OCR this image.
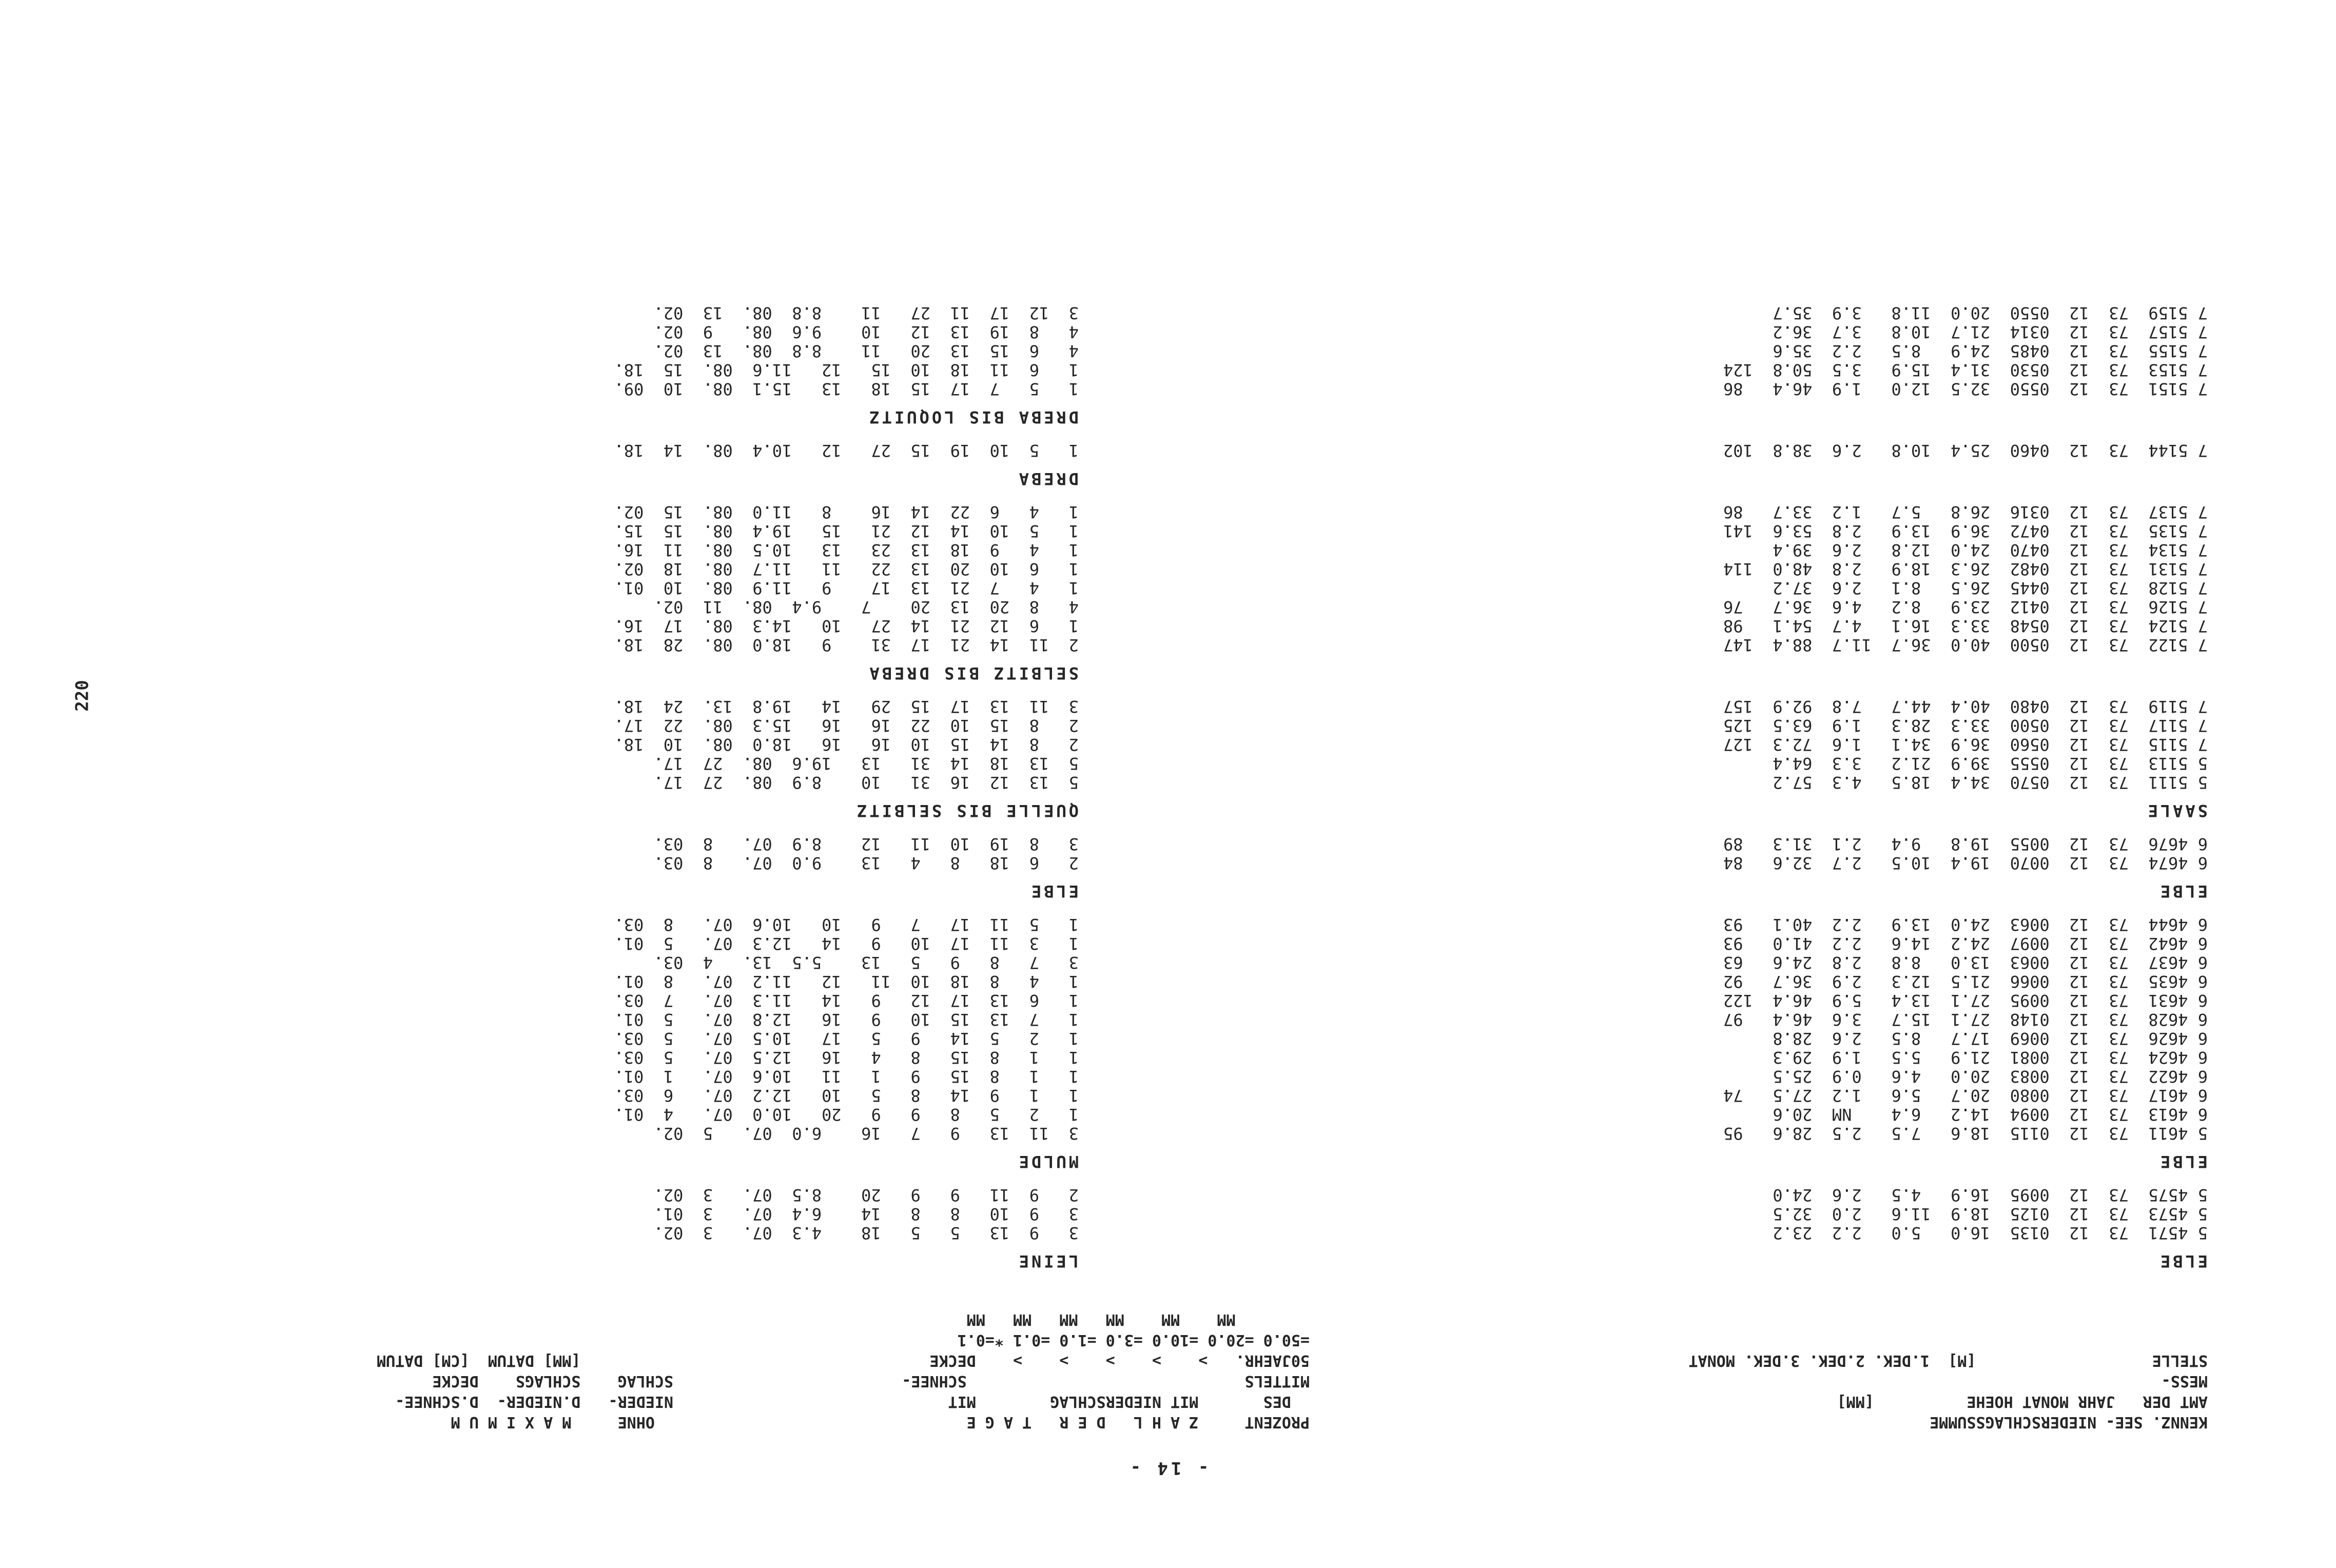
- 14 -
220
KENNZ. SEE- NIEDERSCHLAGSSUMME
AMT DER   JAHR MONAT HOEHE          [MM]
MESS-
STELLE                   [M]  1.DEK. 2.DEK. 3.DEK. MONAT
PROZENT     Z A H L   D E R   T A G E
DES       MIT NIEDERSCHLAG        MIT
MITTELS                              SCHNEE-
50JAEHR.   >    >    >    >    >    DECKE
=50.0 =20.0 =10.0 =3.0 =1.0 =0.1 *=0.1
MM    MM    MM   MM   MM   MM
OHNE     M A X I M U M
NIEDER-   D.NIEDER-  D.SCHNEE-
SCHLAG    SCHLAGS    DECKE
[MM] DATUM  [CM] DATUM
ELBE
5 4571  73  12  0135  16.0   5.0   2.2  23.2
5 4573  73  12  0125  18.9  11.6   2.0  32.5
5 4575  73  12  0095  16.9   4.5   2.6  24.0
ELBE
5 4611  73  12  0115  18.6   7.5   2.5  28.6   95
6 4613  73  12  0094  14.2   6.4    NM  20.6
6 4617  73  12  0080  20.7   5.6   1.2  27.5   74
6 4622  73  12  0083  20.0   4.6   0.9  25.5
6 4624  73  12  0081  21.9   5.5   1.9  29.3
6 4626  73  12  0069  17.7   8.5   2.6  28.8
6 4628  73  12  0148  27.1  15.7   3.6  46.4   97
6 4631  73  12  0095  27.1  13.4   5.9  46.4  122
6 4635  73  12  0066  21.5  12.3   2.9  36.7   92
6 4637  73  12  0063  13.0   8.8   2.8  24.6   63
6 4642  73  12  0097  24.2  14.6   2.2  41.0   93
6 4644  73  12  0063  24.0  13.9   2.2  40.1   93
ELBE
6 4674  73  12  0070  19.4  10.5   2.7  32.6   84
6 4676  73  12  0055  19.8   9.4   2.1  31.3   89
SAALE
5 5111  73  12  0570  34.4  18.5   4.3  57.2
5 5113  73  12  0555  39.9  21.2   3.3  64.4
7 5115  73  12  0560  36.9  34.1   1.6  72.3  127
7 5117  73  12  0500  33.3  28.3   1.9  63.5  125
7 5119  73  12  0480  40.4  44.7   7.8  92.9  157
7 5122  73  12  0500  40.0  36.7  11.7  88.4  147
7 5124  73  12  0548  33.3  16.1   4.7  54.1   98
7 5126  73  12  0412  23.9   8.2   4.6  36.7   76
7 5128  73  12  0445  26.5   8.1   2.6  37.2
7 5131  73  12  0482  26.3  18.9   2.8  48.0  114
7 5134  73  12  0470  24.0  12.8   2.6  39.4
7 5135  73  12  0472  36.9  13.9   2.8  53.6  141
7 5137  73  12  0316  26.8   5.7   1.2  33.7   86
7 5144  73  12  0460  25.4  10.8   2.6  38.8  102
7 5151  73  12  0550  32.5  12.0   1.9  46.4   86
7 5153  73  12  0530  31.4  15.9   3.5  50.8  124
7 5155  73  12  0485  24.9   8.5   2.2  35.6
7 5157  73  12  0314  21.7  10.8   3.7  36.2
7 5159  73  12  0550  20.0  11.8   3.9  35.7
LEINE
3   9  13   5   5   18    4.3  07.   3  02.
3   9  10   8   8   14    6.4  07.   3  01.
2   9  11   9   9   20    8.5  07.   3  02.
MULDE
3  11  13   9   7   16    6.0  07.   5  02.
1   2   5   8   9   9   20   10.0  07.   4  01.
1   1   9  14   8   5   10   12.2  07.   6  03.
1   1   8  15   9   1   11   10.6  07.   1  01.
1   1   8  15   8   4   16   12.5  07.   5  03.
1   2   5  14   9   5   17   10.5  07.   5  03.
1   7  13  15  10   9   16   12.8  07.   5  01.
1   6  13  17  12   9   14   11.3  07.   7  03.
1   4   8  18  10  11   12   11.2  07.   8  01.
3   7   8   9   5   13    5.5  13.   4  03.
1   3  11  17  10   9   14   12.3  07.   5  01.
1   5  11  17   7   9   10   10.6  07.   8  03.
ELBE
2   6  18   8   4   13    9.0  07.   8  03.
3   8  19  10  11   12    8.9  07.   8  03.
QUELLE BIS SELBITZ
5  13  12  16  31   10    8.9  08.  27  17.
5  13  18  14  31   13   19.6  08.  27  17.
2   8  14  15  10  16   16   18.0  08.  10  18.
2   8  15  10  22  16   16   15.3  08.  22  17.
3  11  13  17  15  29   14   19.8  13.  24  18.
SELBITZ BIS DREBA
2  11  14  21  17  31    9   18.0  08.  28  18.
1   6  12  21  14  27   10   14.3  08.  17  16.
4   8  20  13  20    7    9.4  08.  11  02.
1   4   7  21  13  17    9   11.9  08.  10  01.
1   6  10  20  13  22   11   11.7  08.  18  02.
1   4   9  18  13  23   13   10.5  08.  11  16.
1   5  10  14  12  21   15   19.4  08.  15  15.
1   4   6  22  14  16    8   11.0  08.  15  02.
DREBA
1   5  10  19  15  27   12   10.4  08.  14  18.
DREBA BIS LOQUITZ
1   5   7  17  15  18   13   15.1  08.  10  09.
1   6  11  18  10  15   12   11.6  08.  15  18.
4   6  15  13  20   11    8.8  08.  13  02.
4   8  19  13  12   10    9.6  08.   9  02.
3  12  17  11  27   11    8.8  08.  13  02.
